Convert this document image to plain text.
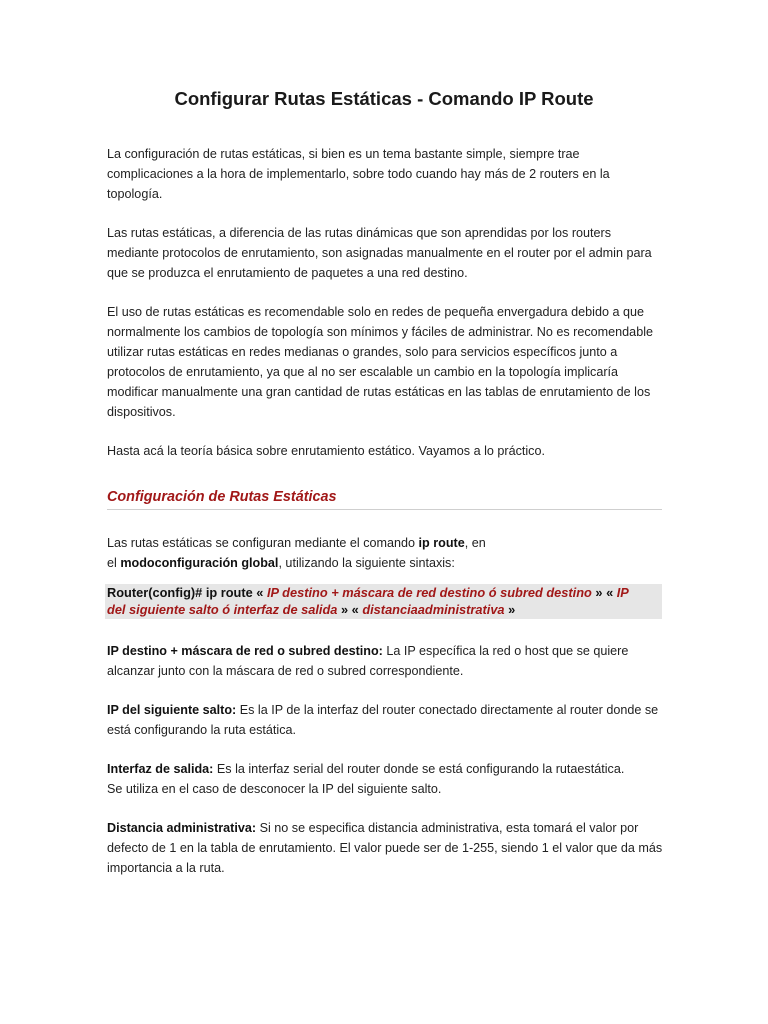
Configurar Rutas Estáticas - Comando IP Route

La configuración de rutas estáticas, si bien es un tema bastante simple, siempre trae
complicaciones a la hora de implementarlo, sobre todo cuando hay más de 2 routers en la
topología.

Las rutas estáticas, a diferencia de las rutas dinámicas que son aprendidas por los routers
mediante protocolos de enrutamiento, son asignadas manualmente en el router por el admin para
que se produzca el enrutamiento de paquetes a una red destino.

El uso de rutas estáticas es recomendable solo en redes de pequeña envergadura debido a que
normalmente los cambios de topología son mínimos y fáciles de administrar. No es recomendable
utilizar rutas estáticas en redes medianas o grandes, solo para servicios específicos junto a
protocolos de enrutamiento, ya que al no ser escalable un cambio en la topología implicaría
modificar manualmente una gran cantidad de rutas estáticas en las tablas de enrutamiento de los
dispositivos.

Hasta acá la teoría básica sobre enrutamiento estático. Vayamos a lo práctico.

Configuración de Rutas Estáticas

Las rutas estáticas se configuran mediante el comando ip route, en
el modoconfiguración global, utilizando la siguiente sintaxis:

Router(config)# ip route « IP destino + máscara de red destino ó subred destino » « IP
del siguiente salto ó interfaz de salida » « distanciaadministrativa »

IP destino + máscara de red o subred destino: La IP específica la red o host que se quiere
alcanzar junto con la máscara de red o subred correspondiente.

IP del siguiente salto: Es la IP de la interfaz del router conectado directamente al router donde se
está configurando la ruta estática.

Interfaz de salida: Es la interfaz serial del router donde se está configurando la rutaestática.
Se utiliza en el caso de desconocer la IP del siguiente salto.

Distancia administrativa: Si no se especifica distancia administrativa, esta tomará el valor por
defecto de 1 en la tabla de enrutamiento. El valor puede ser de 1-255, siendo 1 el valor que da más
importancia a la ruta.
